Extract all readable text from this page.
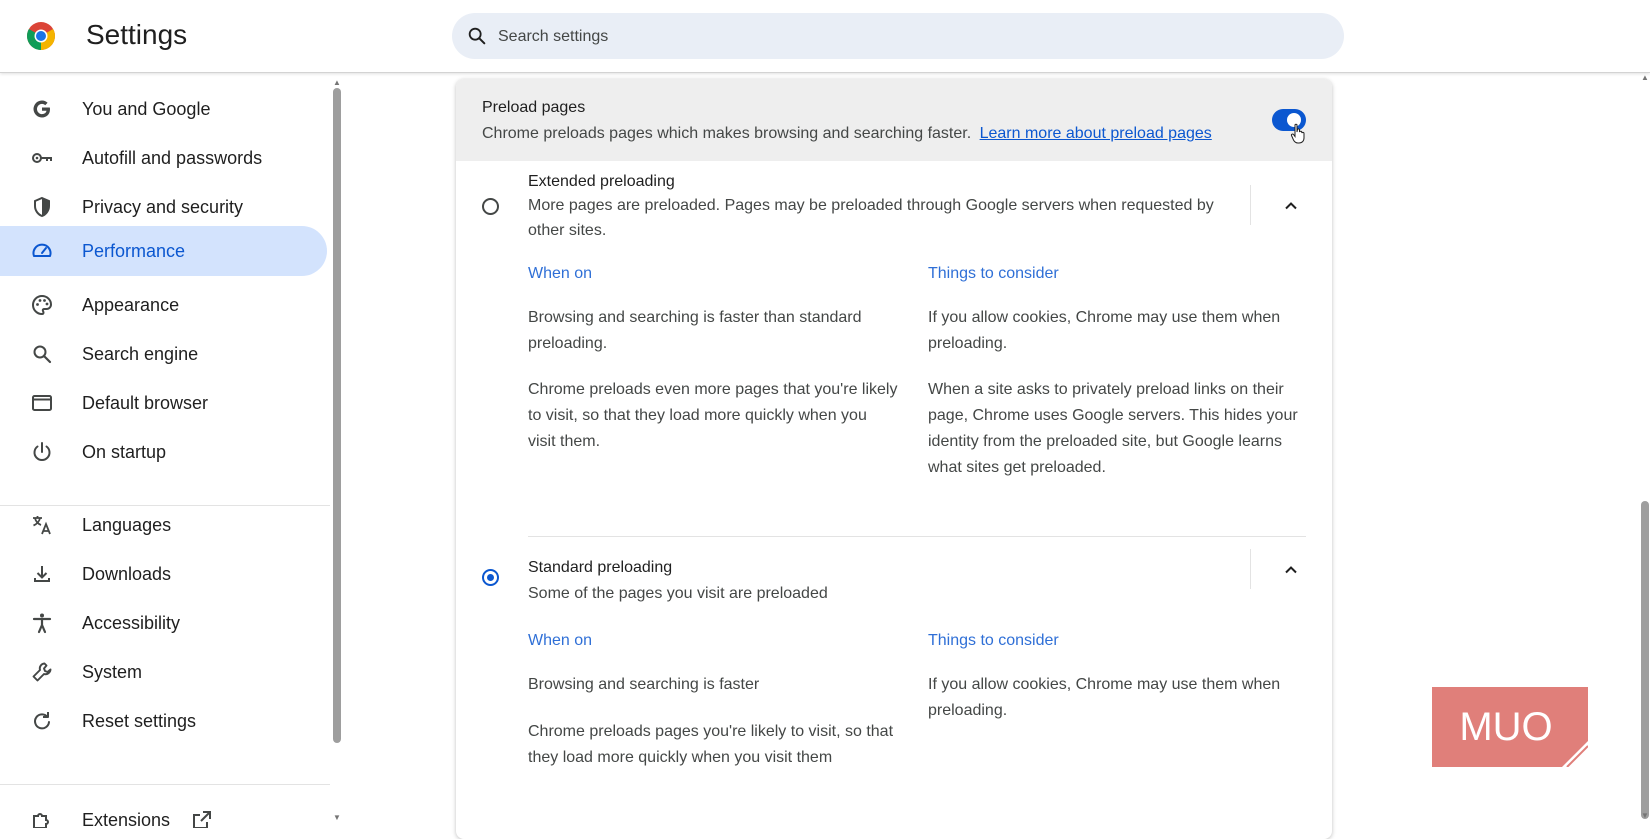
Settings
Search settings
You and Google
Autofill and passwords
Privacy and security
Performance
Appearance
Search engine
Default browser
On startup
Languages
Downloads
Accessibility
System
Reset settings
Extensions
▲
▼
Preload pages
Chrome preloads pages which makes browsing and searching faster. Learn more about preload pages
Extended preloading
More pages are preloaded. Pages may be preloaded through Google servers when requested by other sites.
When on
Browsing and searching is faster than standard preloading.
Chrome preloads even more pages that you're likely to visit, so that they load more quickly when you visit them.
Things to consider
If you allow cookies, Chrome may use them when preloading.
When a site asks to privately preload links on their page, Chrome uses Google servers. This hides your identity from the preloaded site, but Google learns what sites get preloaded.
Standard preloading
Some of the pages you visit are preloaded
When on
Browsing and searching is faster
Chrome preloads pages you're likely to visit, so that they load more quickly when you visit them
Things to consider
If you allow cookies, Chrome may use them when preloading.
▲
▼
MUO
